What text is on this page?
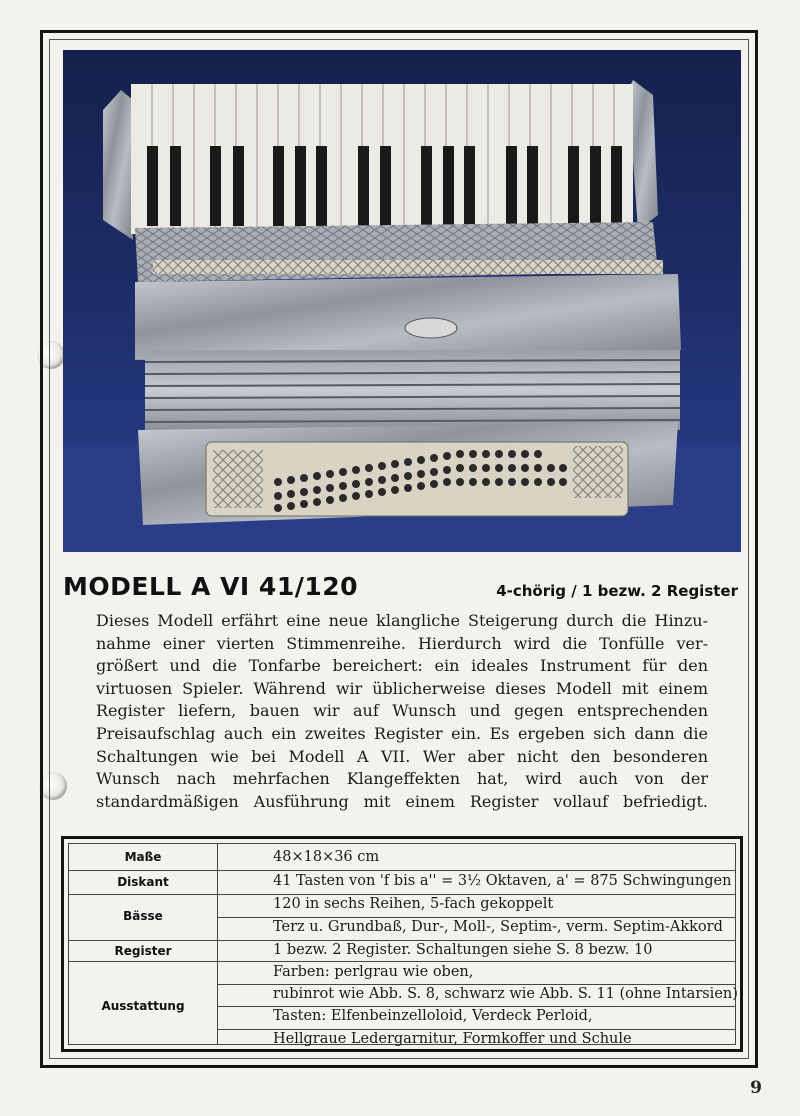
MODELL A VI 41/120	4-chörig / 1 bezw. 2 Register
Dieses Modell erfährt eine neue klangliche Steigerung durch die Hinzu-
nahme einer vierten Stimmenreihe. Hierdurch wird die Tonfülle ver-
größert und die Tonfarbe bereichert: ein ideales Instrument für den
virtuosen Spieler. Während wir üblicherweise dieses Modell mit einem
Register liefern, bauen wir auf Wunsch und gegen entsprechenden
Preisaufschlag auch ein zweites Register ein. Es ergeben sich dann die
Schaltungen wie bei Modell A VII. Wer aber nicht den besonderen
Wunsch nach mehrfachen Klangeffekten hat, wird auch von der
standardmäßigen Ausführung mit einem Register vollauf befriedigt.
Maße
Diskant
Bässe
Register
Ausstattung
48×18×36 cm
41 Tasten von 'f bis a'' = 3½ Oktaven, a' = 875 Schwingungen
120 in sechs Reihen, 5-fach gekoppelt
Terz u. Grundbaß, Dur-, Moll-, Septim-, verm. Septim-Akkord
1 bezw. 2 Register. Schaltungen siehe S. 8 bezw. 10
Farben: perlgrau wie oben,
rubinrot wie Abb. S. 8, schwarz wie Abb. S. 11 (ohne Intarsien)
Tasten: Elfenbeinzelloloid, Verdeck Perloid,
Hellgraue Ledergarnitur, Formkoffer und Schule
9
